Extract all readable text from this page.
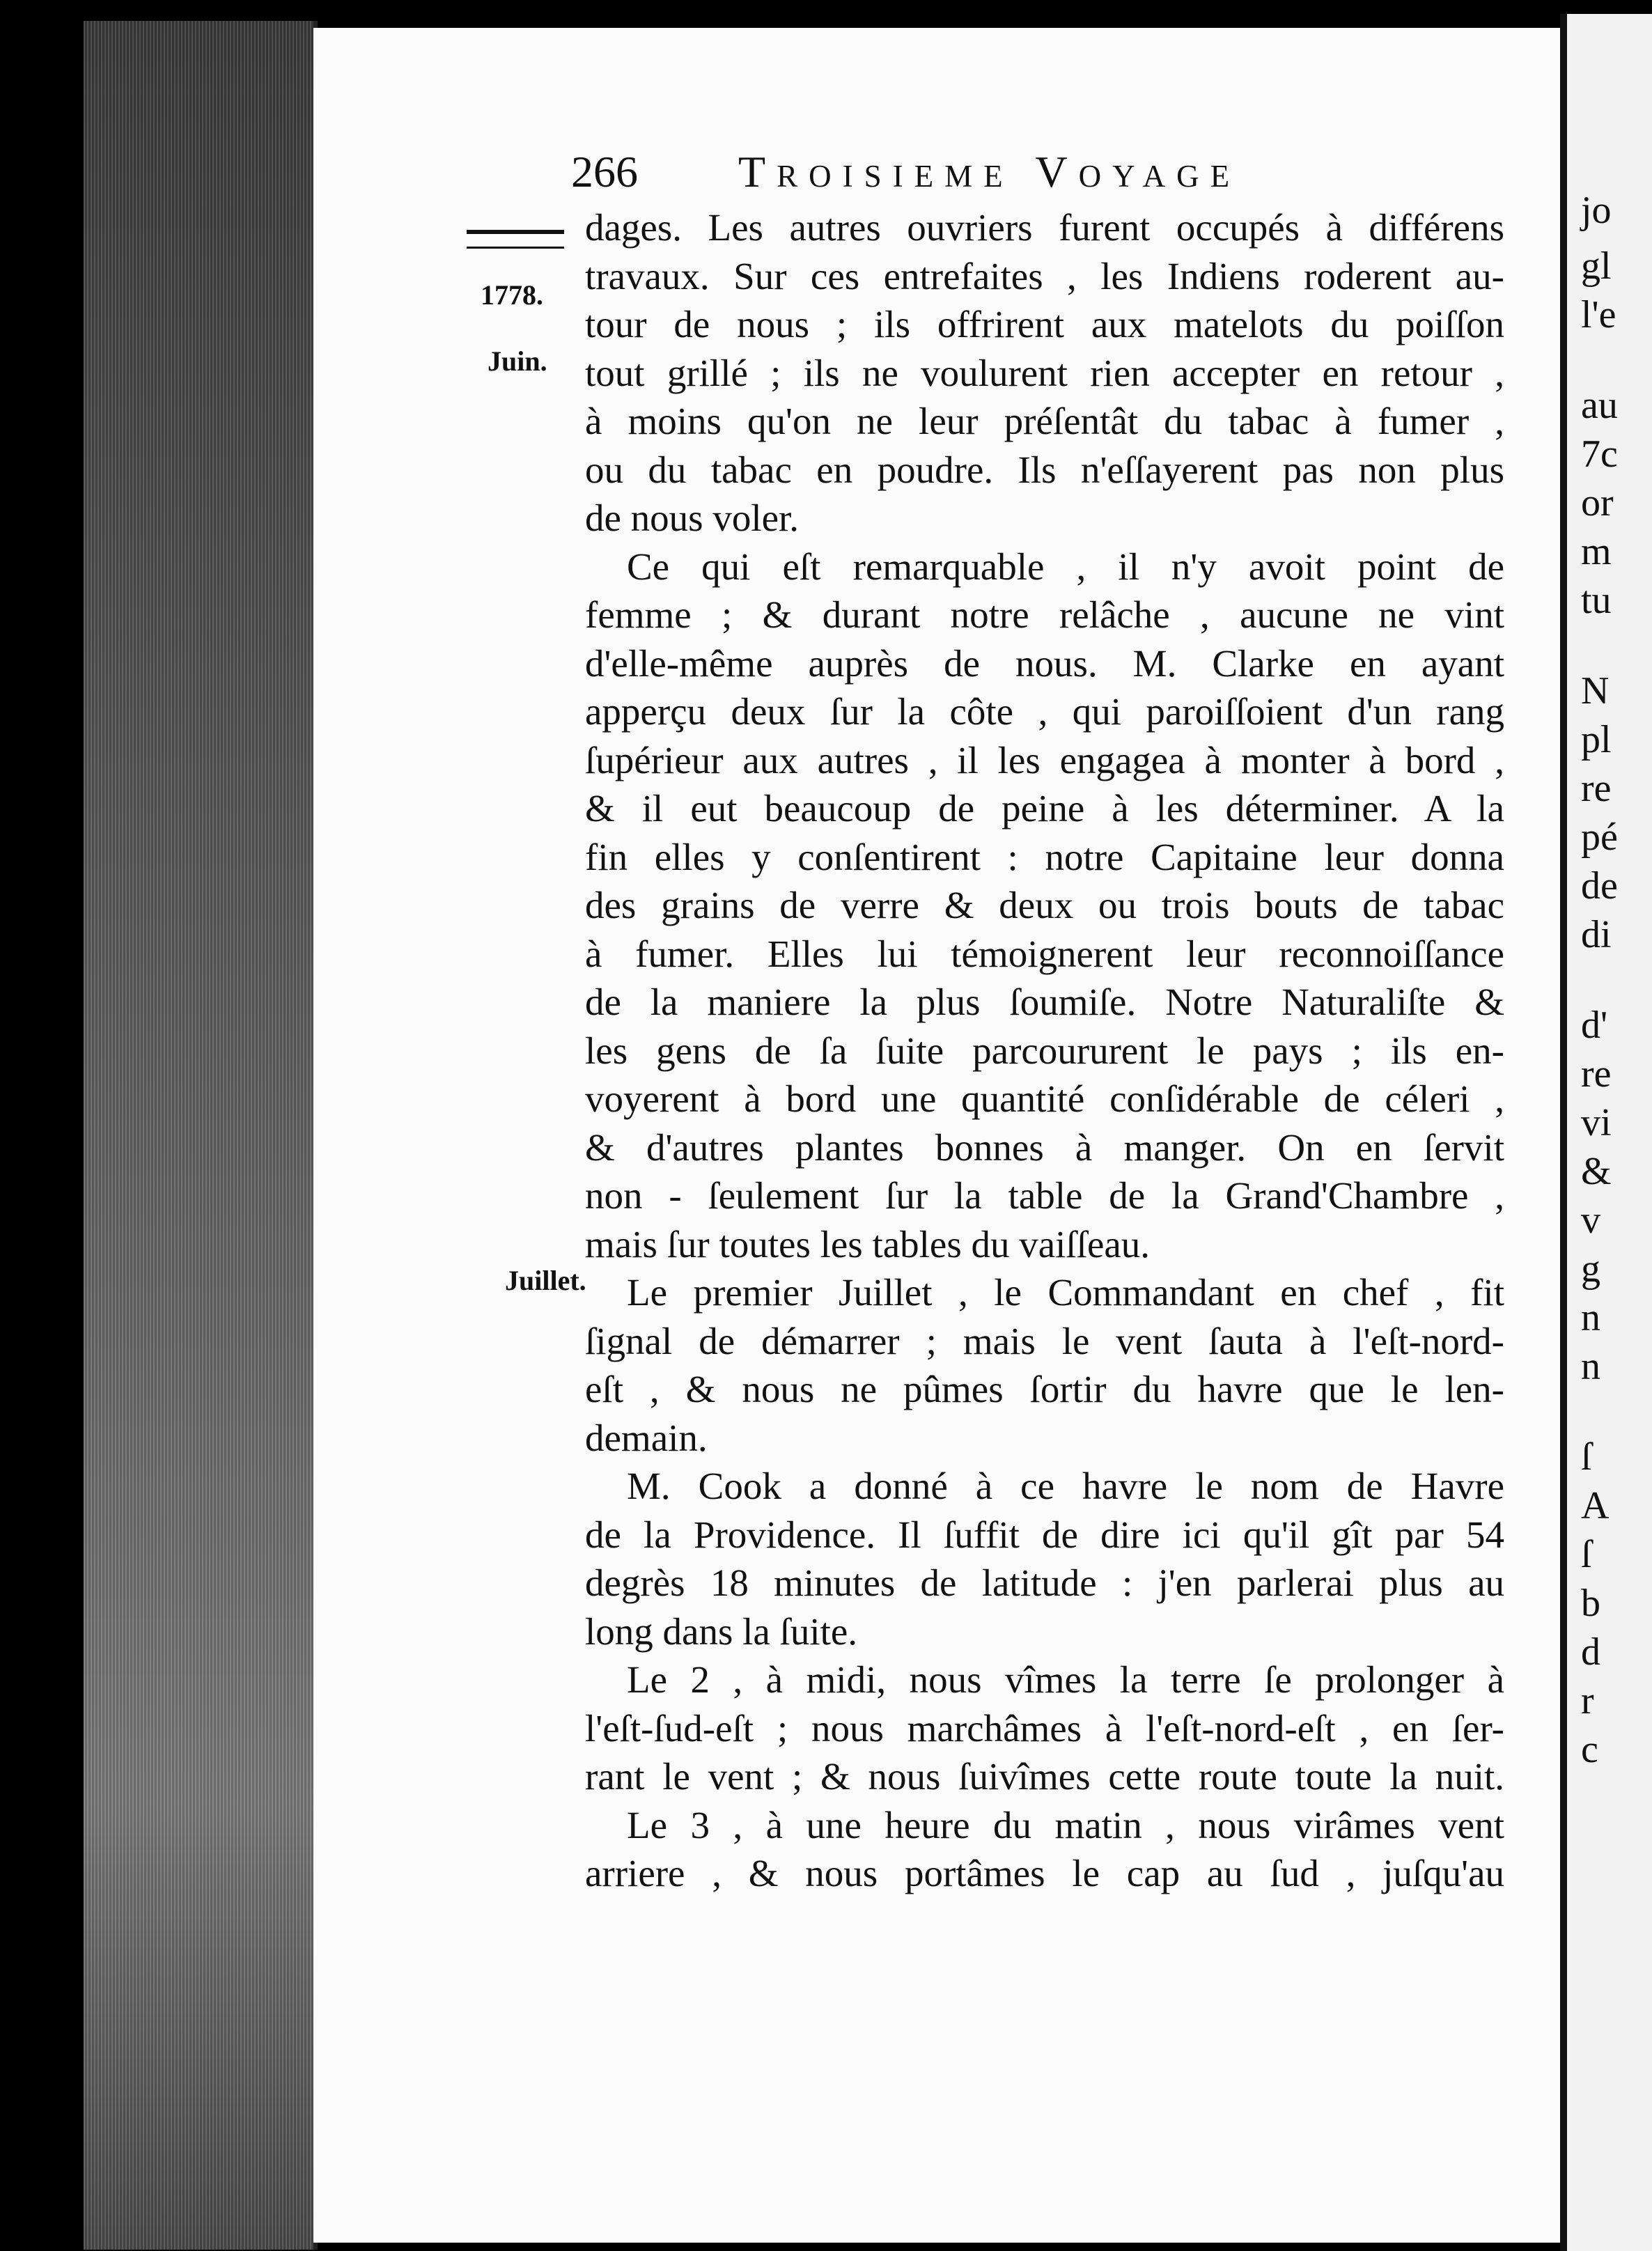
jo
gl
l'e
au
7c
or
m
tu
N
pl
re
pé
de
di
d'
re
vi
&
v
g
n
n
ſ
A
ſ
b
d
r
c
266 Troisieme Voyage
1778.
Juin.
Juillet.
dages. Les autres ouvriers furent occupés à différens
travaux. Sur ces entrefaites , les Indiens roderent au-
tour de nous ; ils offrirent aux matelots du poiſſon
tout grillé ; ils ne voulurent rien accepter en retour ,
à moins qu'on ne leur préſentât du tabac à fumer ,
ou du tabac en poudre. Ils n'eſſayerent pas non plus
de nous voler.
Ce qui eſt remarquable , il n'y avoit point de
femme ; & durant notre relâche , aucune ne vint
d'elle-même auprès de nous. M. Clarke en ayant
apperçu deux ſur la côte , qui paroiſſoient d'un rang
ſupérieur aux autres , il les engagea à monter à bord ,
& il eut beaucoup de peine à les déterminer. A la
fin elles y conſentirent : notre Capitaine leur donna
des grains de verre & deux ou trois bouts de tabac
à fumer. Elles lui témoignerent leur reconnoiſſance
de la maniere la plus ſoumiſe. Notre Naturaliſte &
les gens de ſa ſuite parcoururent le pays ; ils en-
voyerent à bord une quantité conſidérable de céleri ,
& d'autres plantes bonnes à manger. On en ſervit
non - ſeulement ſur la table de la Grand'Chambre ,
mais ſur toutes les tables du vaiſſeau.
Le premier Juillet , le Commandant en chef , fit
ſignal de démarrer ; mais le vent ſauta à l'eſt-nord-
eſt , & nous ne pûmes ſortir du havre que le len-
demain.
M. Cook a donné à ce havre le nom de Havre
de la Providence. Il ſuffit de dire ici qu'il gît par 54
degrès 18 minutes de latitude : j'en parlerai plus au
long dans la ſuite.
Le 2 , à midi, nous vîmes la terre ſe prolonger à
l'eſt-ſud-eſt ; nous marchâmes à l'eſt-nord-eſt , en ſer-
rant le vent ; & nous ſuivîmes cette route toute la nuit.
Le 3 , à une heure du matin , nous virâmes vent
arriere , & nous portâmes le cap au ſud , juſqu'au
